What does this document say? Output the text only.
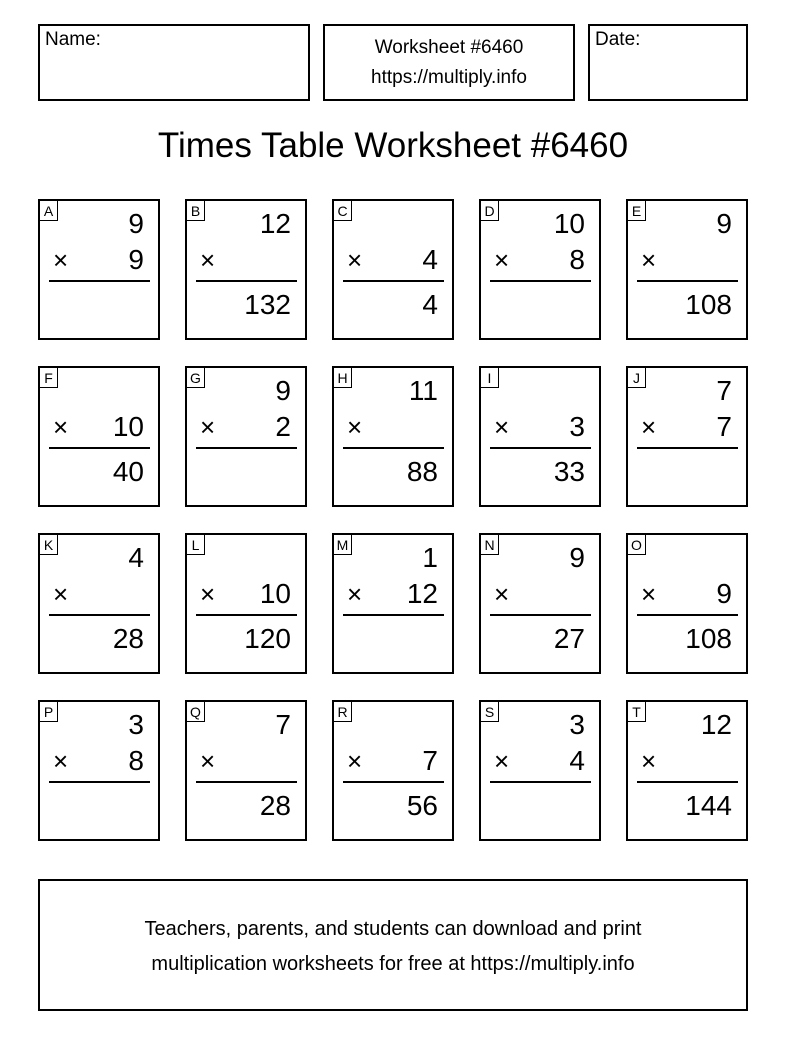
Name:	Worksheet #6460
https://multiply.info
Date:
Times Table Worksheet #6460
A	9
× 9
B 12
×
132
C
× 4
4
D 10
× 8
E	9
×
108
F
× 10
40
G	9
× 2
H 11
×
88
I
× 3
33
J	7
× 7
K	4
×
28
L
× 10
120
M	1
× 12
N	9
×
27
O
× 9
108
P	3
× 8
Q	7
×
28
R
× 7
56
S	3
× 4
T 12
×
144
Teachers, parents, and students can download and print
multiplication worksheets for free at https://multiply.info
